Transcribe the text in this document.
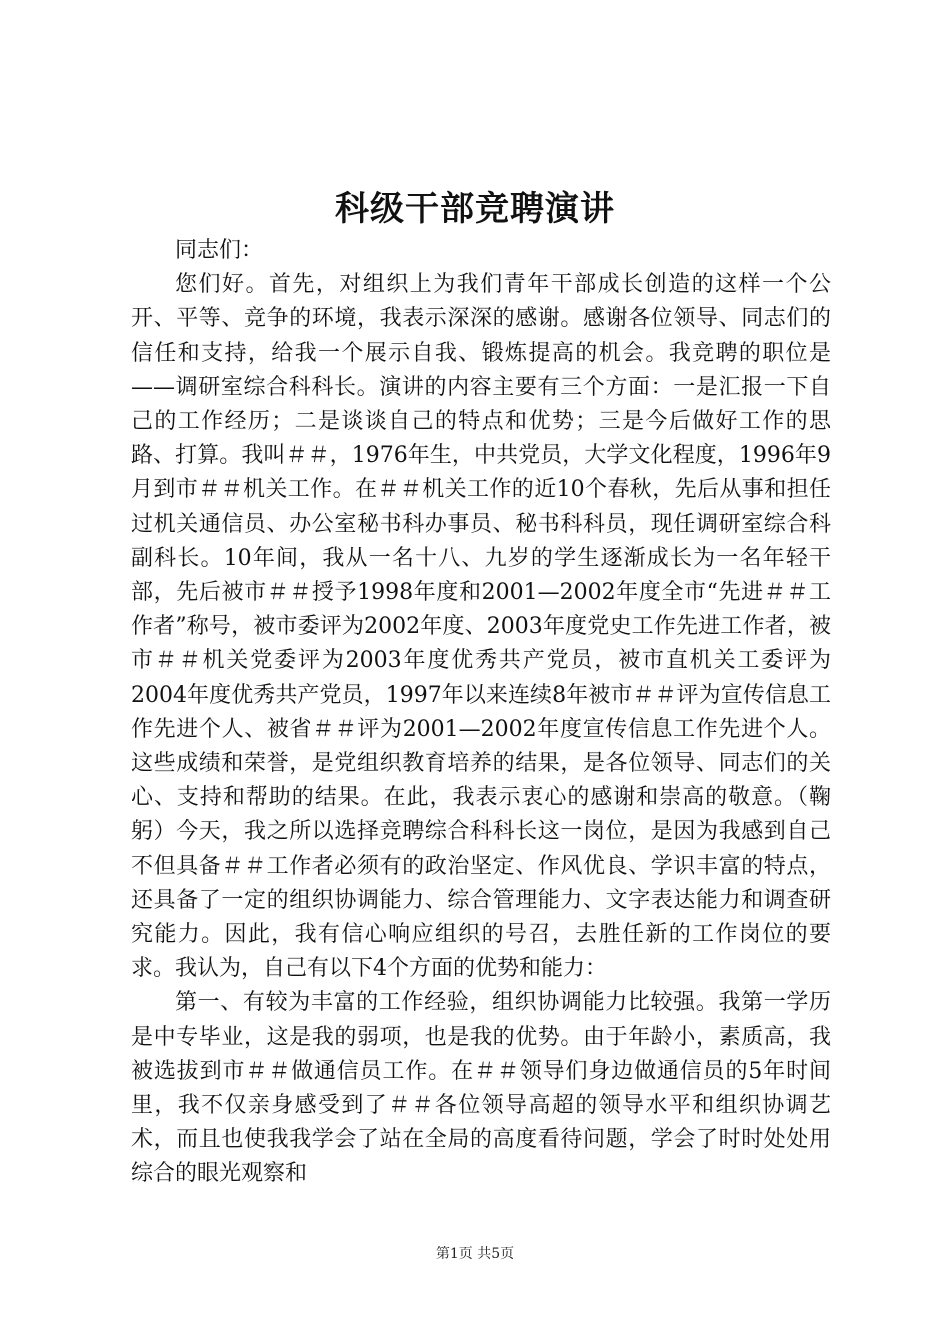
科级干部竞聘演讲

同志们：

您们好。首先，对组织上为我们青年干部成长创造的这样一个公开、平等、竞争的环境，我表示深深的感谢。感谢各位领导、同志们的信任和支持，给我一个展示自我、锻炼提高的机会。我竞聘的职位是——调研室综合科科长。演讲的内容主要有三个方面：一是汇报一下自己的工作经历；二是谈谈自己的特点和优势；三是今后做好工作的思路、打算。我叫＃＃，1976年生，中共党员，大学文化程度，1996年9月到市＃＃机关工作。在＃＃机关工作的近10个春秋，先后从事和担任过机关通信员、办公室秘书科办事员、秘书科科员，现任调研室综合科副科长。10年间，我从一名十八、九岁的学生逐渐成长为一名年轻干部，先后被市＃＃授予1998年度和2001—2002年度全市“先进＃＃工作者”称号，被市委评为2002年度、2003年度党史工作先进工作者，被市＃＃机关党委评为2003年度优秀共产党员，被市直机关工委评为2004年度优秀共产党员，1997年以来连续8年被市＃＃评为宣传信息工作先进个人、被省＃＃评为2001—2002年度宣传信息工作先进个人。这些成绩和荣誉，是党组织教育培养的结果，是各位领导、同志们的关心、支持和帮助的结果。在此，我表示衷心的感谢和崇高的敬意。（鞠躬）今天，我之所以选择竞聘综合科科长这一岗位，是因为我感到自己不但具备＃＃工作者必须有的政治坚定、作风优良、学识丰富的特点，还具备了一定的组织协调能力、综合管理能力、文字表达能力和调查研究能力。因此，我有信心响应组织的号召，去胜任新的工作岗位的要求。我认为，自己有以下4个方面的优势和能力：

第一、有较为丰富的工作经验，组织协调能力比较强。我第一学历是中专毕业，这是我的弱项，也是我的优势。由于年龄小，素质高，我被选拔到市＃＃做通信员工作。在＃＃领导们身边做通信员的5年时间里，我不仅亲身感受到了＃＃各位领导高超的领导水平和组织协调艺术，而且也使我我学会了站在全局的高度看待问题，学会了时时处处用综合的眼光观察和

第1页 共5页
